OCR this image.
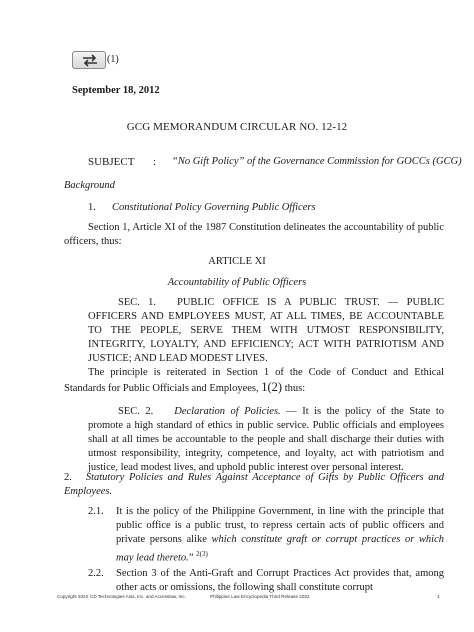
(1)
September 18, 2012
GCG MEMORANDUM CIRCULAR NO. 12-12
SUBJECT : “No Gift Policy” of the Governance Commission for GOCCs (GCG)
Background
1. Constitutional Policy Governing Public Officers

Section 1, Article XI of the 1987 Constitution delineates the accountability of public officers, thus:

ARTICLE XI
Accountability of Public Officers

SEC. 1.  PUBLIC OFFICE IS A PUBLIC TRUST. — PUBLIC OFFICERS AND EMPLOYEES MUST, AT ALL TIMES, BE ACCOUNTABLE TO THE PEOPLE, SERVE THEM WITH UTMOST RESPONSIBILITY, INTEGRITY, LOYALTY, AND EFFICIENCY; ACT WITH PATRIOTISM AND JUSTICE; AND LEAD MODEST LIVES.

The principle is reiterated in Section 1 of the Code of Conduct and Ethical Standards for Public Officials and Employees, 1(2) thus:

SEC. 2.  Declaration of Policies. — It is the policy of the State to promote a high standard of ethics in public service. Public officials and employees shall at all times be accountable to the people and shall discharge their duties with utmost responsibility, integrity, competence, and loyalty, act with patriotism and justice, lead modest lives, and uphold public interest over personal interest.

2. Statutory Policies and Rules Against Acceptance of Gifts by Public Officers and Employees.

2.1. It is the policy of the Philippine Government, in line with the principle that public office is a public trust, to repress certain acts of public officers and private persons alike which constitute graft or corrupt practices or which may lead thereto.” $^{2(3)}$
2.2. Section 3 of the Anti-Graft and Corrupt Practices Act provides that, among other acts or omissions, the following shall constitute corrupt
Copyright 2022 CD Technologies Asia, Inc. and Accesslaw, Inc.	Philippine Law Encyclopedia Third Release 2022	1
